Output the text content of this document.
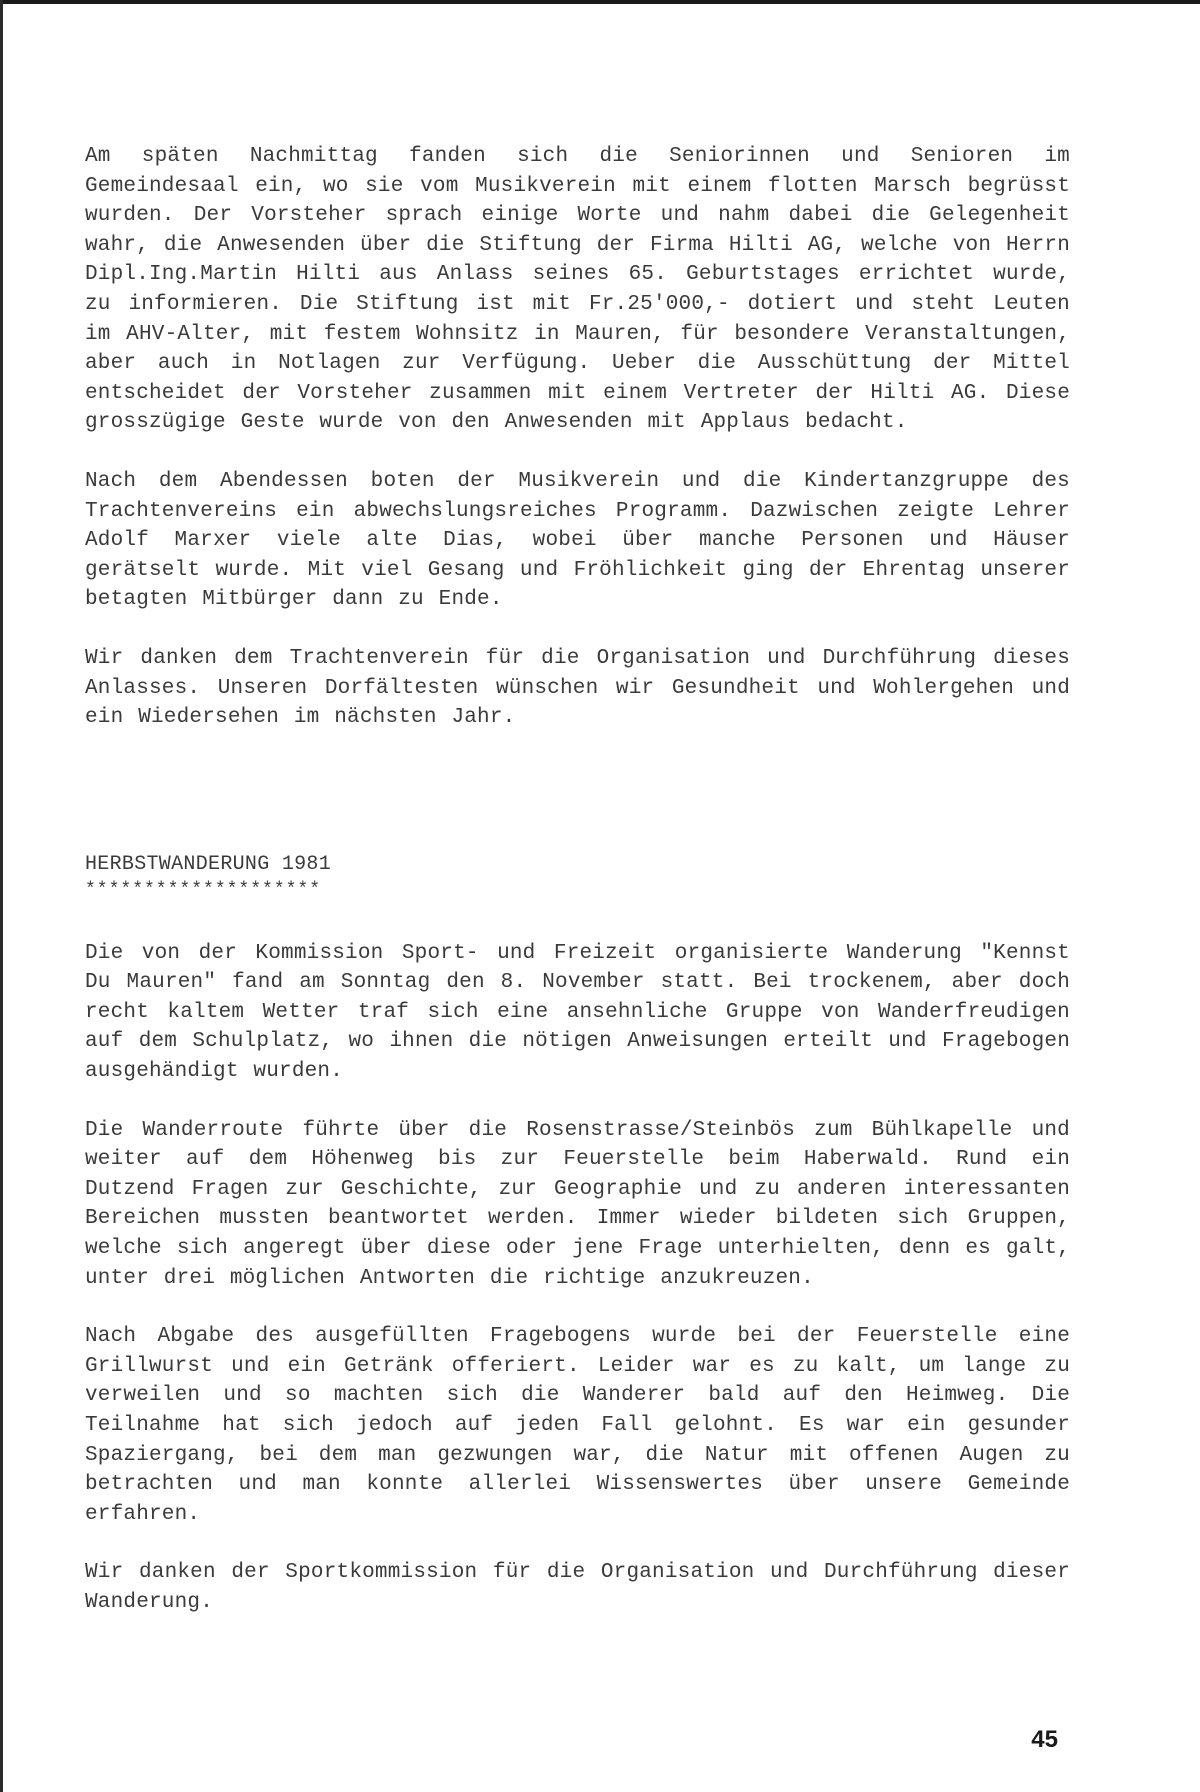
Am späten Nachmittag fanden sich die Seniorinnen und Senioren im Gemeindesaal ein, wo sie vom Musikverein mit einem flotten Marsch begrüsst wurden. Der Vorsteher sprach einige Worte und nahm dabei die Gelegenheit wahr, die Anwesenden über die Stiftung der Firma Hilti AG, welche von Herrn Dipl.Ing.Martin Hilti aus Anlass seines 65. Geburtstages errichtet wurde, zu informieren. Die Stiftung ist mit Fr.25'000,- dotiert und steht Leuten im AHV-Alter, mit festem Wohnsitz in Mauren, für besondere Veranstaltungen, aber auch in Notlagen zur Verfügung. Ueber die Ausschüttung der Mittel entscheidet der Vorsteher zusammen mit einem Vertreter der Hilti AG. Diese grosszügige Geste wurde von den Anwesenden mit Applaus bedacht.

Nach dem Abendessen boten der Musikverein und die Kindertanzgruppe des Trachtenvereins ein abwechslungsreiches Programm. Dazwischen zeigte Lehrer Adolf Marxer viele alte Dias, wobei über manche Personen und Häuser gerätselt wurde. Mit viel Gesang und Fröhlichkeit ging der Ehrentag unserer betagten Mitbürger dann zu Ende.

Wir danken dem Trachtenverein für die Organisation und Durchführung dieses Anlasses. Unseren Dorfältesten wünschen wir Gesundheit und Wohlergehen und ein Wiedersehen im nächsten Jahr.

HERBSTWANDERUNG 1981

********************

Die von der Kommission Sport- und Freizeit organisierte Wanderung "Kennst Du Mauren" fand am Sonntag den 8. November statt. Bei trockenem, aber doch recht kaltem Wetter traf sich eine ansehnliche Gruppe von Wanderfreudigen auf dem Schulplatz, wo ihnen die nötigen Anweisungen erteilt und Fragebogen ausgehändigt wurden.

Die Wanderroute führte über die Rosenstrasse/Steinbös zum Bühlkapelle und weiter auf dem Höhenweg bis zur Feuerstelle beim Haberwald. Rund ein Dutzend Fragen zur Geschichte, zur Geographie und zu anderen interessanten Bereichen mussten beantwortet werden. Immer wieder bildeten sich Gruppen, welche sich angeregt über diese oder jene Frage unterhielten, denn es galt, unter drei möglichen Antworten die richtige anzukreuzen.

Nach Abgabe des ausgefüllten Fragebogens wurde bei der Feuerstelle eine Grillwurst und ein Getränk offeriert. Leider war es zu kalt, um lange zu verweilen und so machten sich die Wanderer bald auf den Heimweg. Die Teilnahme hat sich jedoch auf jeden Fall gelohnt. Es war ein gesunder Spaziergang, bei dem man gezwungen war, die Natur mit offenen Augen zu betrachten und man konnte allerlei Wissenswertes über unsere Gemeinde erfahren.

Wir danken der Sportkommission für die Organisation und Durchführung dieser Wanderung.

45
